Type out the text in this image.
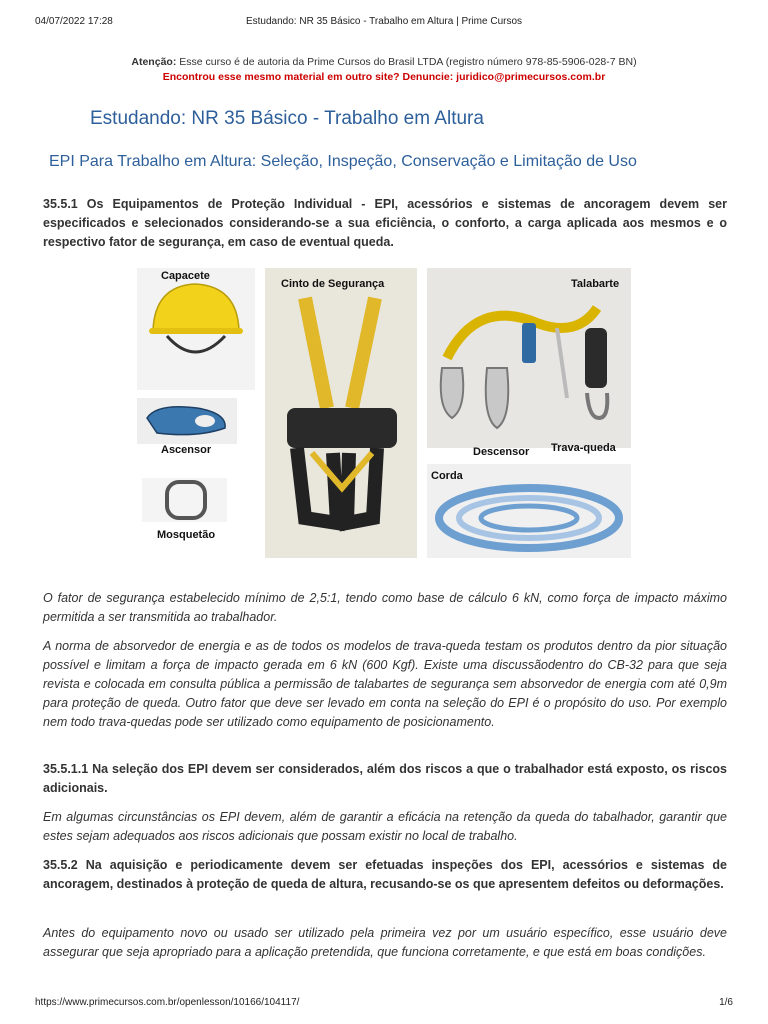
04/07/2022 17:28	Estudando: NR 35 Básico - Trabalho em Altura | Prime Cursos
Atenção: Esse curso é de autoria da Prime Cursos do Brasil LTDA (registro número 978-85-5906-028-7 BN)
Encontrou esse mesmo material em outro site? Denuncie: juridico@primecursos.com.br
Estudando: NR 35 Básico - Trabalho em Altura
EPI Para Trabalho em Altura: Seleção, Inspeção, Conservação e Limitação de Uso
35.5.1 Os Equipamentos de Proteção Individual - EPI, acessórios e sistemas de ancoragem devem ser especificados e selecionados considerando-se a sua eficiência, o conforto, a carga aplicada aos mesmos e o respectivo fator de segurança, em caso de eventual queda.
Capacete
Cinto de Segurança	Talabarte
Ascensor	Descensor Trava-queda
Corda
Mosquetão
O fator de segurança estabelecido mínimo de 2,5:1, tendo como base de cálculo 6 kN, como força de impacto máximo permitida a ser transmitida ao trabalhador.
A norma de absorvedor de energia e as de todos os modelos de trava-queda testam os produtos dentro da pior situação possível e limitam a força de impacto gerada em 6 kN (600 Kgf). Existe uma discussãodentro do CB-32 para que seja revista e colocada em consulta pública a permissão de talabartes de segurança sem absorvedor de energia com até 0,9m para proteção de queda. Outro fator que deve ser levado em conta na seleção do EPI é o propósito do uso. Por exemplo nem todo trava-quedas pode ser utilizado como equipamento de posicionamento.
35.5.1.1 Na seleção dos EPI devem ser considerados, além dos riscos a que o trabalhador está exposto, os riscos adicionais.
Em algumas circunstâncias os EPI devem, além de garantir a eficácia na retenção da queda do tabalhador, garantir que estes sejam adequados aos riscos adicionais que possam existir no local de trabalho.
35.5.2 Na aquisição e periodicamente devem ser efetuadas inspeções dos EPI, acessórios e sistemas de ancoragem, destinados à proteção de queda de altura, recusando-se os que apresentem defeitos ou deformações.
Antes do equipamento novo ou usado ser utilizado pela primeira vez por um usuário específico, esse usuário deve assegurar que seja apropriado para a aplicação pretendida, que funciona corretamente, e que está em boas condições.
https://www.primecursos.com.br/openlesson/10166/104117/	1/6
